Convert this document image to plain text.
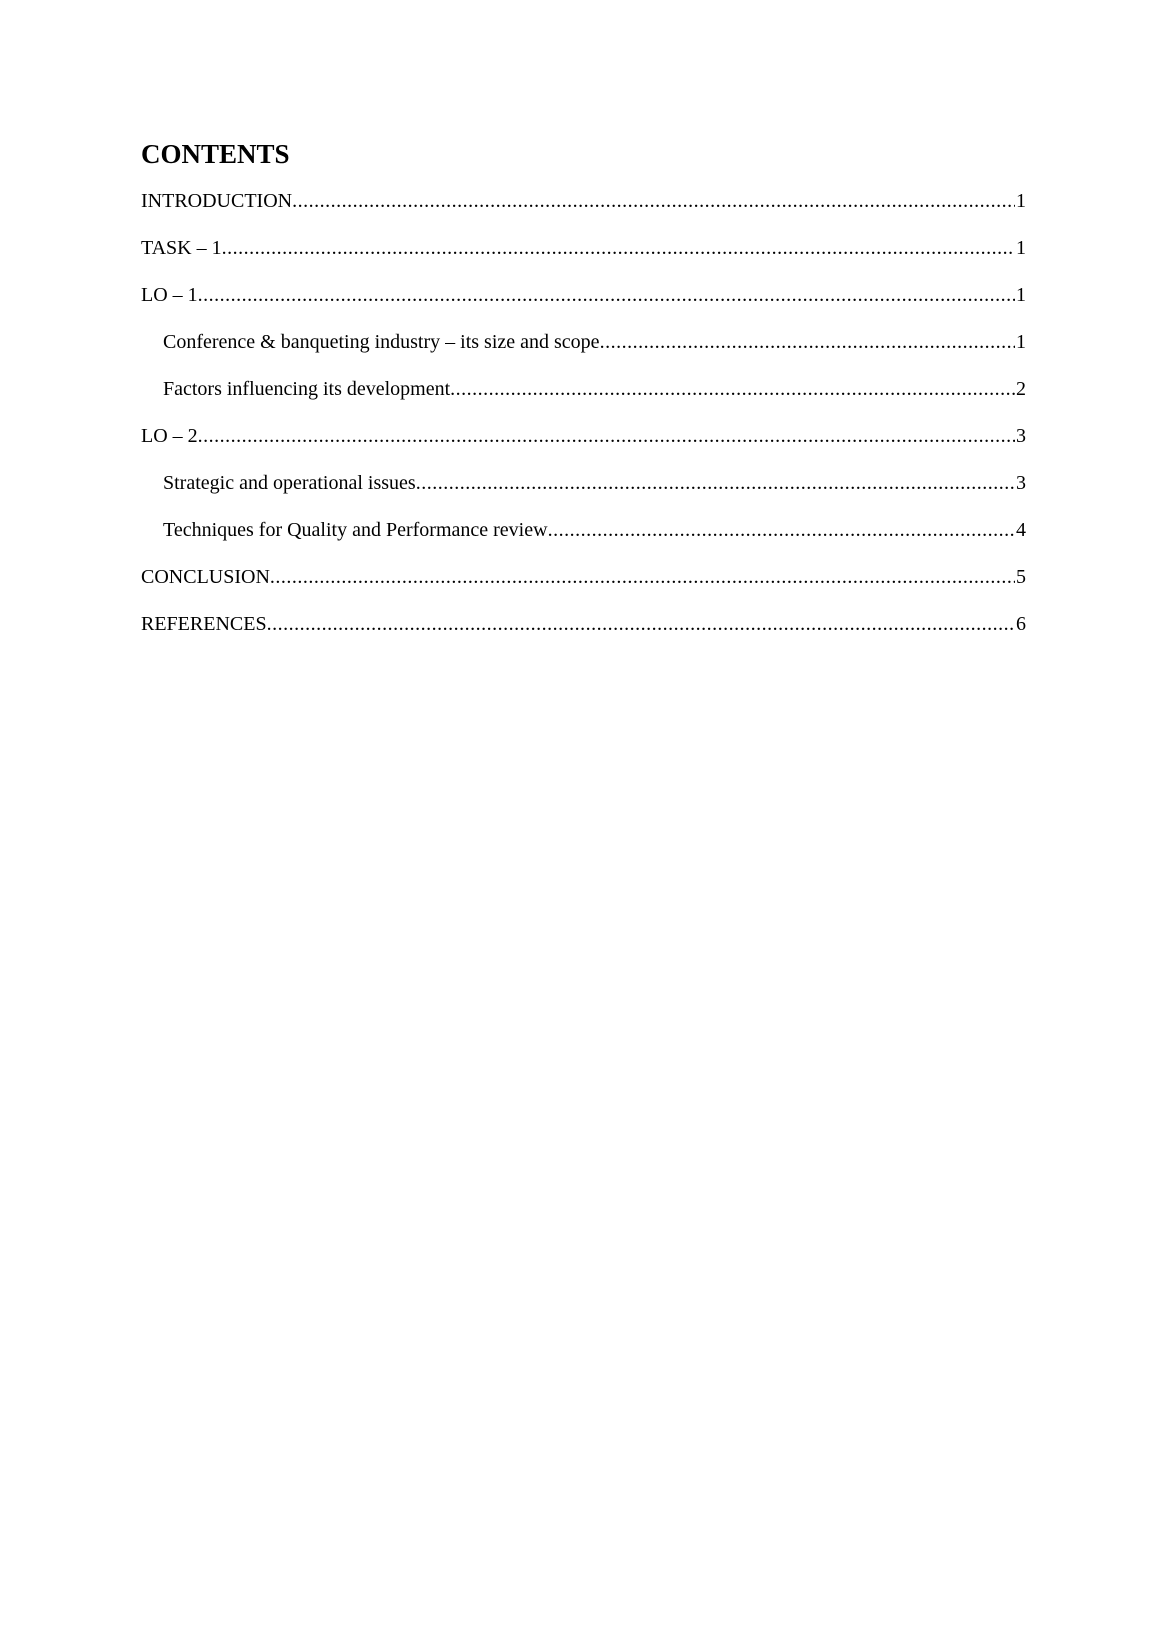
CONTENTS
INTRODUCTION .....	1
TASK – 1 .....	1
LO – 1 .....	1
Conference & banqueting industry – its size and scope .....	1
Factors influencing its development .....	2
LO – 2 .....	3
Strategic and operational issues .....	3
Techniques for Quality and Performance review .....	4
CONCLUSION .....	5
REFERENCES .....	6
